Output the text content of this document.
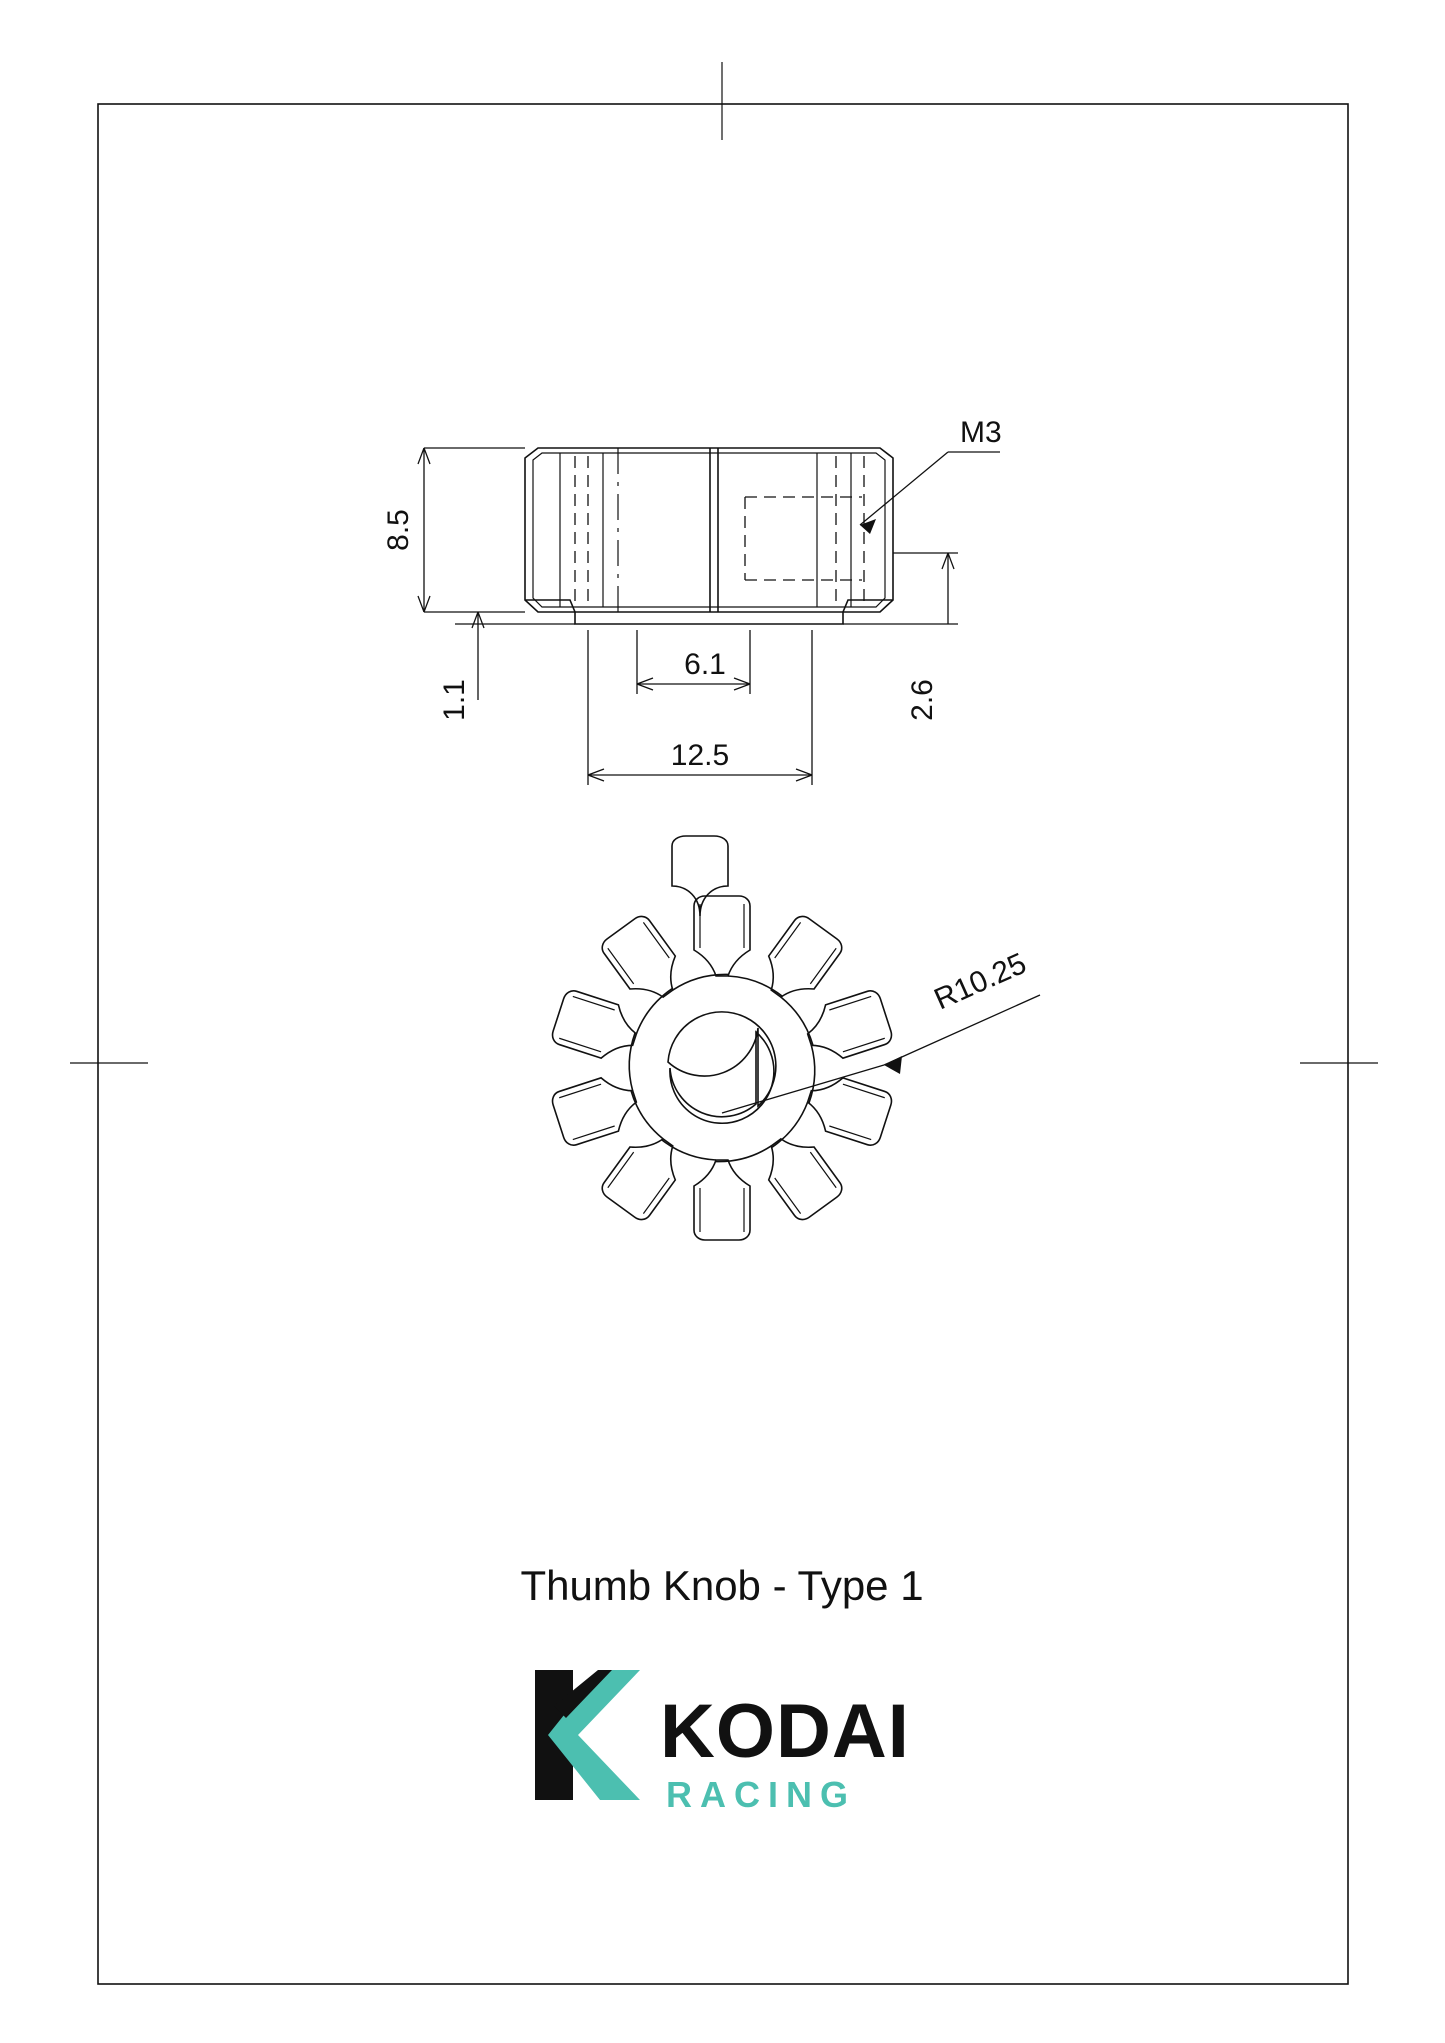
8.5
1.1
6.1
12.5
2.6
M3
R10.25
Thumb Knob - Type 1
KODAI
RACING
